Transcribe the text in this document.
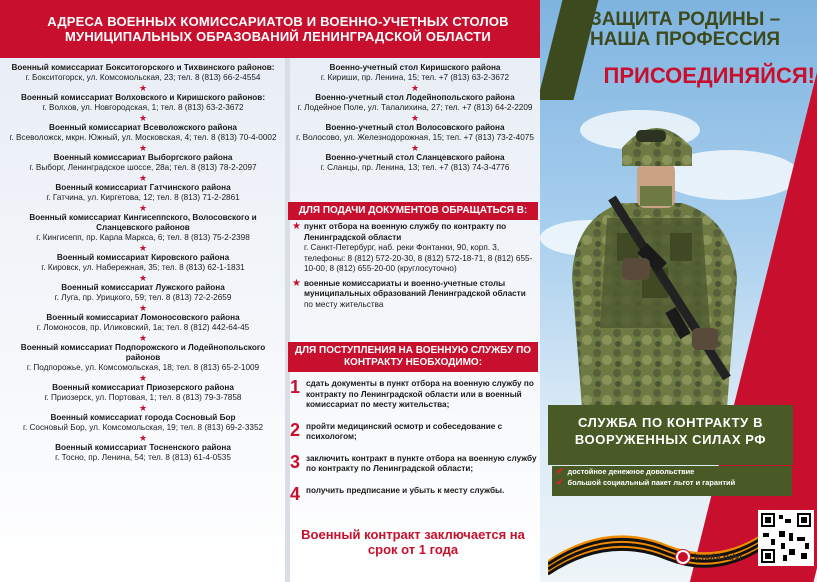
АДРЕСА ВОЕННЫХ КОМИССАРИАТОВ И ВОЕННО-УЧЕТНЫХ СТОЛОВ
МУНИЦИПАЛЬНЫХ ОБРАЗОВАНИЙ ЛЕНИНГРАДСКОЙ ОБЛАСТИ
Военный комиссариат Бокситогорского и Тихвинского районов:
г. Бокситогорск, ул. Комсомольская, 23; тел. 8 (813) 66-2-4554
★
Военный комиссариат Волховского и Киришского районов:
г. Волхов, ул. Новгородская, 1; тел. 8 (813) 63-2-3672
★
Военный комиссариат Всеволожского района
г. Всеволожск, мкрн. Южный, ул. Московская, 4; тел. 8 (813) 70-4-0002
★
Военный комиссариат Выборгского района
г. Выборг, Ленинградское шоссе, 28а; тел. 8 (813) 78-2-2097
★
Военный комиссариат Гатчинского района
г. Гатчина, ул. Киргетова, 12; тел. 8 (813) 71-2-2861
★
Военный комиссариат Кингисеппского, Волосовского и Сланцевского районов
г. Кингисепп, пр. Карла Маркса, 6; тел. 8 (813) 75-2-2398
★
Военный комиссариат Кировского района
г. Кировск, ул. Набережная, 35; тел. 8 (813) 62-1-1831
★
Военный комиссариат Лужского района
г. Луга, пр. Урицкого, 59; тел. 8 (813) 72-2-2659
★
Военный комиссариат Ломоносовского района
г. Ломоносов, пр. Иликовский, 1а; тел. 8 (812) 442-64-45
★
Военный комиссариат Подпорожского и Лодейнопольского районов
г. Подпорожье, ул. Комсомольская, 18; тел. 8 (813) 65-2-1009
★
Военный комиссариат Приозерского района
г. Приозерск, ул. Портовая, 1; тел. 8 (813) 79-3-7858
★
Военный комиссариат города Сосновый Бор
г. Сосновый Бор, ул. Комсомольская, 19; тел. 8 (813) 69-2-3352
★
Военный комиссариат Тосненского района
г. Тосно, пр. Ленина, 54; тел. 8 (813) 61-4-0535
Военно-учетный стол Киришского района
г. Кириши, пр. Ленина, 15; тел. +7 (813) 63-2-3672
★
Военно-учетный стол Лодейнопольского района
г. Лодейное Поле, ул. Талалихина, 27; тел. +7 (813) 64-2-2209
★
Военно-учетный стол Волосовского района
г. Волосово, ул. Железнодорожная, 15; тел. +7 (813) 73-2-4075
★
Военно-учетный стол Сланцевского района
г. Сланцы, пр. Ленина, 13; тел. +7 (813) 74-3-4776
ДЛЯ ПОДАЧИ ДОКУМЕНТОВ ОБРАЩАТЬСЯ В:
★ пункт отбора на военную службу по контракту по Ленинградской области
г. Санкт-Петербург, наб. реки Фонтанки, 90, корп. 3,
телефоны: 8 (812) 572-20-30, 8 (812) 572-18-71, 8 (812) 655-10-00, 8 (812) 655-20-00 (круглосуточно)
★ военные комиссариаты и военно-учетные столы муниципальных образований Ленинградской области
по месту жительства
ДЛЯ ПОСТУПЛЕНИЯ НА ВОЕННУЮ СЛУЖБУ ПО КОНТРАКТУ НЕОБХОДИМО:
1 сдать документы в пункт отбора на военную службу по контракту по Ленинградской области или в военный комиссариат по месту жительства;
2 пройти медицинский осмотр и собеседование с психологом;
3 заключить контракт в пункте отбора на военную службу по контракту по Ленинградской области;
4 получить предписание и убыть к месту службы.
Военный контракт заключается на срок от 1 года
ЗАЩИТА РОДИНЫ – НАША ПРОФЕССИЯ
ПРИСОЕДИНЯЙСЯ!
СЛУЖБА ПО КОНТРАКТУ В ВООРУЖЕННЫХ СИЛАХ РФ
✔ достойное денежное довольствие
✔ большой социальный пакет льгот и гарантий
lenobl.ru/v/
